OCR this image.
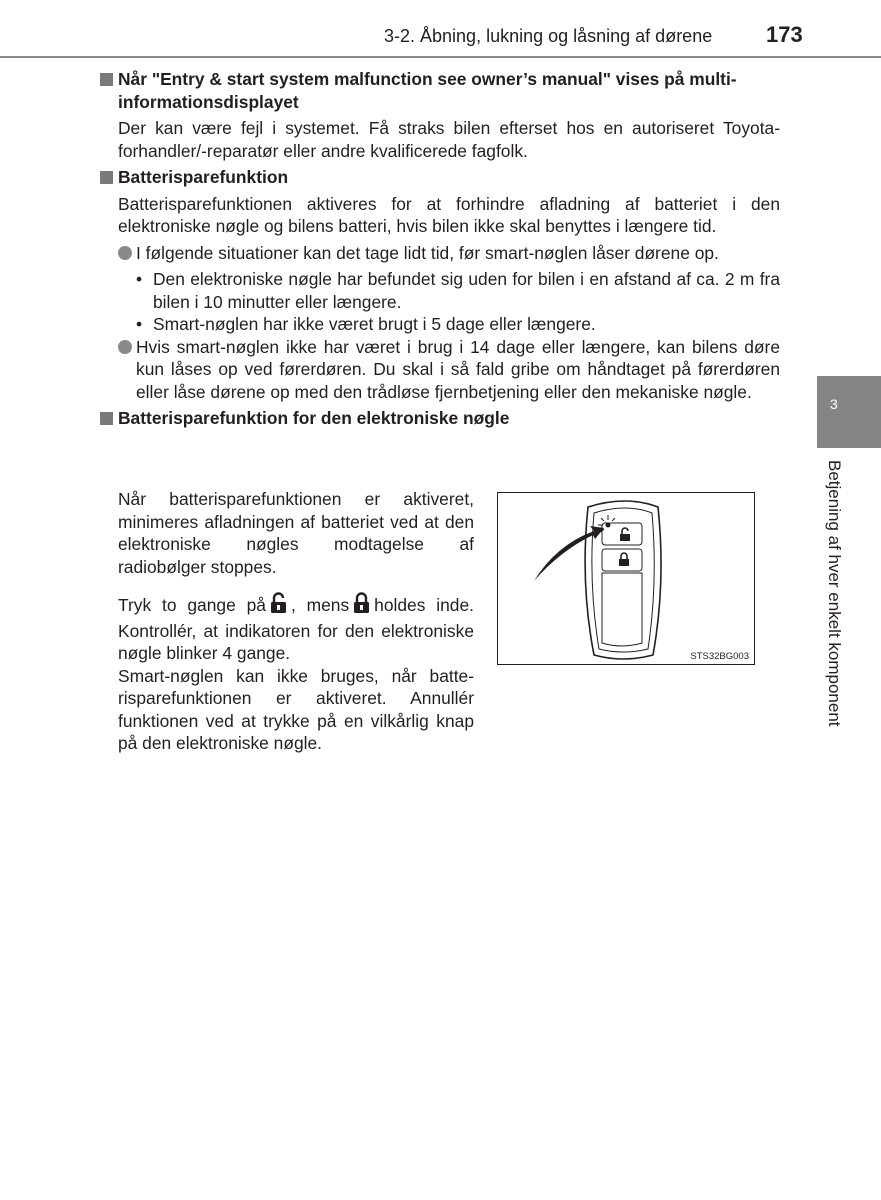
3-2. Åbning, lukning og låsning af dørene 173
3
Betjening af hver enkelt komponent
Når "Entry & start system malfunction see owner’s manual" vises på multi-informationsdisplayet
Der kan være fejl i systemet. Få straks bilen efterset hos en autoriseret Toyota-forhandler/-reparatør eller andre kvalificerede fagfolk.
Batterisparefunktion
Batterisparefunktionen aktiveres for at forhindre afladning af batteriet i den elektroniske nøgle og bilens batteri, hvis bilen ikke skal benyttes i længere tid.
I følgende situationer kan det tage lidt tid, før smart-nøglen låser dørene op.
• Den elektroniske nøgle har befundet sig uden for bilen i en afstand af ca. 2 m fra bilen i 10 minutter eller længere.
• Smart-nøglen har ikke været brugt i 5 dage eller længere.
Hvis smart-nøglen ikke har været i brug i 14 dage eller længere, kan bilens døre kun låses op ved førerdøren. Du skal i så fald gribe om håndtaget på førerdøren eller låse dørene op med den trådløse fjernbetjening eller den mekaniske nøgle.
Batterisparefunktion for den elektroniske nøgle
Når batterisparefunktionen er aktiveret, minimeres afladningen af batteriet ved at den elektroniske nøgles modtagelse af radiobølger stoppes.
Tryk to gange på , mens holdes inde. Kontrollér, at indikatoren for den elektroniske nøgle blinker 4 gange.
Smart-nøglen kan ikke bruges, når batte-risparefunktionen er aktiveret. Annullér funktionen ved at trykke på en vilkårlig knap på den elektroniske nøgle.
STS32BG003
